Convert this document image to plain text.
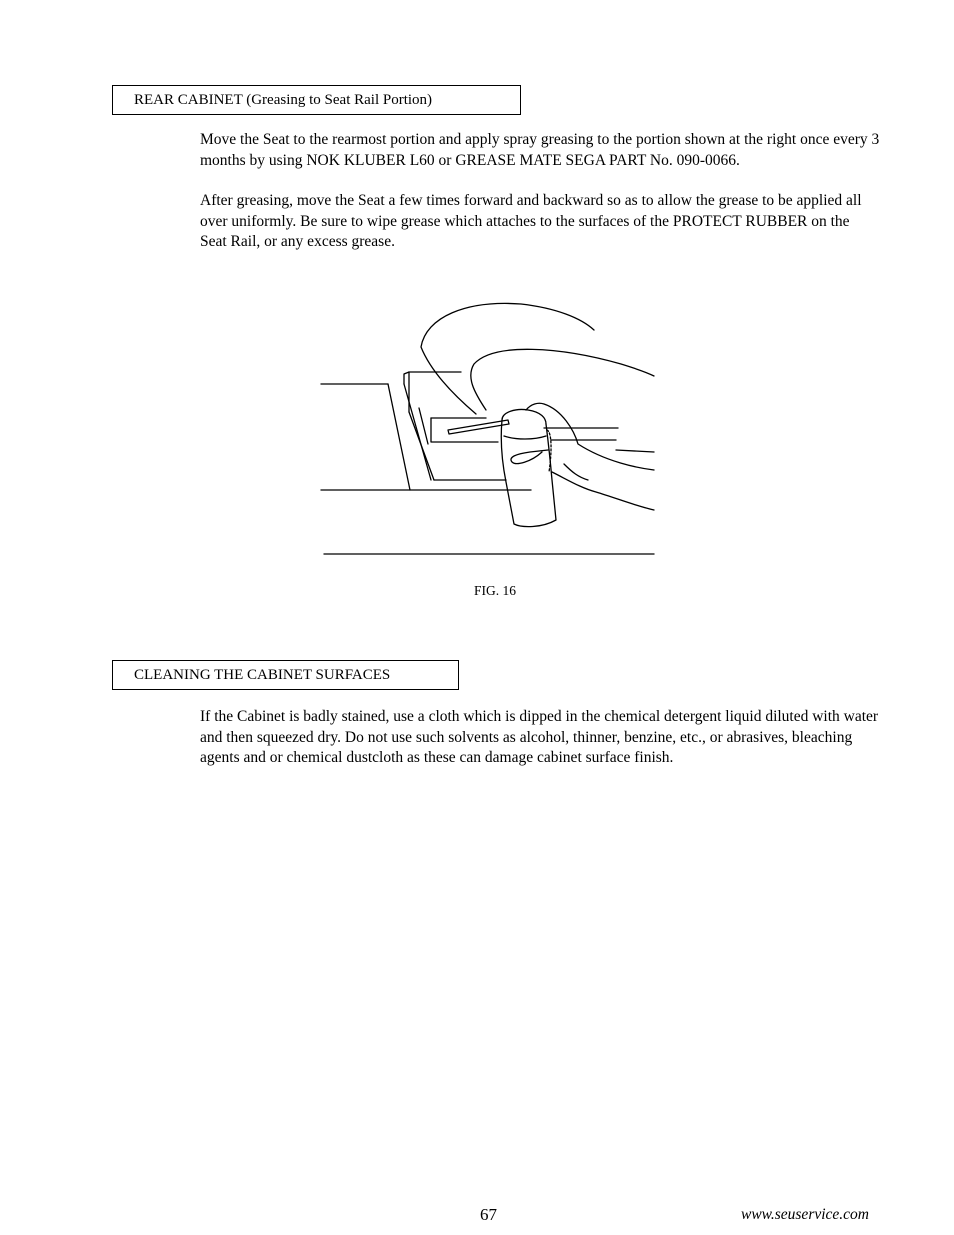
REAR CABINET (Greasing to Seat Rail Portion)

Move the Seat to the rearmost portion and apply spray greasing to the portion shown at the right once every 3 months by using NOK KLUBER L60 or GREASE MATE SEGA PART No. 090-0066.

After greasing, move the Seat a few times forward and backward so as to allow the grease to be applied all over uniformly. Be sure to wipe grease which attaches to the surfaces of the PROTECT RUBBER on the Seat Rail, or any excess grease.

FIG. 16
CLEANING THE CABINET SURFACES

If the Cabinet is badly stained, use a cloth which is dipped in the chemical detergent liquid diluted with water and then squeezed dry. Do not use such solvents as alcohol, thinner, benzine, etc., or abrasives, bleaching agents and or chemical dustcloth as these can damage cabinet surface finish.

67	www.seuservice.com
